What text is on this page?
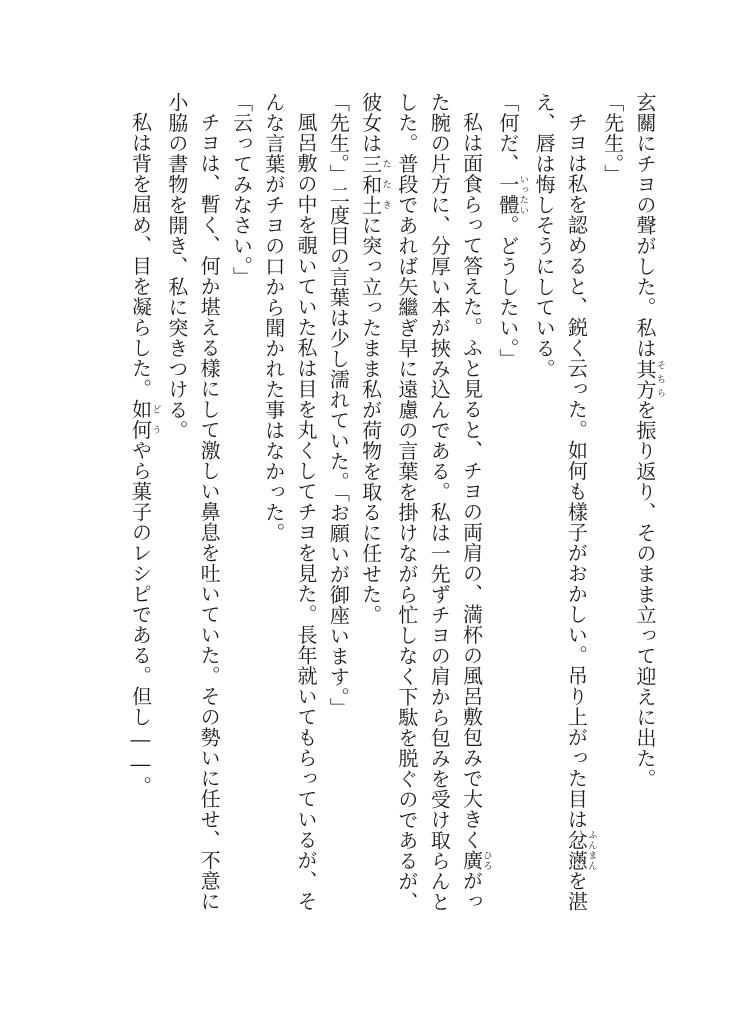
玄關にチヨの聲がした。私は其方そちらを振り返り、そのまま立って迎えに出た。

「先生。」

チヨは私を認めると、鋭く云った。如何も樣子がおかしい。吊り上がった目は忿懣ふんまんを湛

え、唇は悔しそうにしている。

「何だ、一體いったい。どうしたい。」

私は面食らって答えた。ふと見ると、チヨの両肩の、満杯の風呂敷包みで大きく廣ひろがっ

た腕の片方に、分厚い本が挾み込んである。私は一先ずチヨの肩から包みを受け取らんと

した。普段であれば矢繼ぎ早に遠慮の言葉を掛けながら忙しなく下駄を脱ぐのであるが、

彼女は三和土たたきに突っ立ったまま私が荷物を取るに任せた。

「先生。」二度目の言葉は少し濡れていた。「お願いが御座います。」

風呂敷の中を覗いていた私は目を丸くしてチヨを見た。長年就いてもらっているが、そ

んな言葉がチヨの口から聞かれた事はなかった。

「云ってみなさい。」

チヨは、暫く、何か堪える樣にして激しい鼻息を吐いていた。その勢いに任せ、不意に

小脇の書物を開き、私に突きつける。

私は背を屈め、目を凝らした。如何どうやら菓子のレシピである。但し――。
